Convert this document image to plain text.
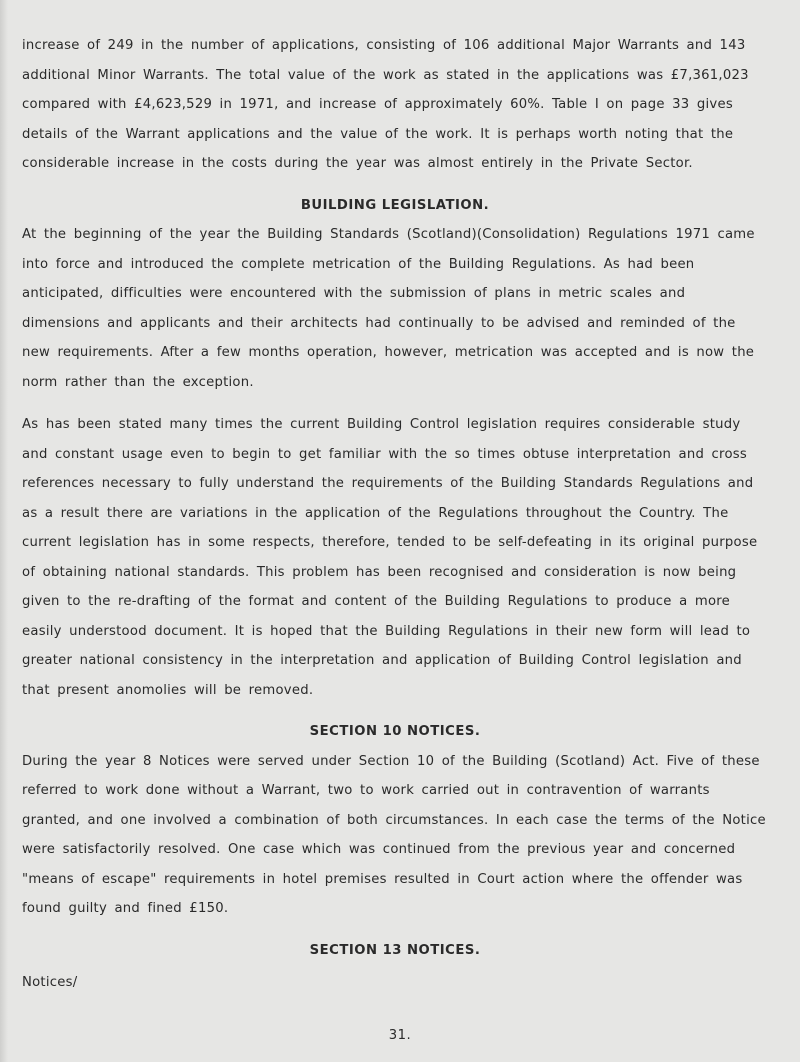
increase of 249 in the number of applications, consisting of 106 additional Major Warrants and 143 additional Minor Warrants. The total value of the work as stated in the applications was £7,361,023 compared with £4,623,529 in 1971, and increase of approximately 60%. Table I on page 33 gives details of the Warrant applications and the value of the work. It is perhaps worth noting that the considerable increase in the costs during the year was almost entirely in the Private Sector.

BUILDING LEGISLATION.

At the beginning of the year the Building Standards (Scotland)(Consolidation) Regulations 1971 came into force and introduced the complete metrication of the Building Regulations. As had been anticipated, difficulties were encountered with the submission of plans in metric scales and dimensions and applicants and their architects had continually to be advised and reminded of the new requirements. After a few months operation, however, metrication was accepted and is now the norm rather than the exception.

As has been stated many times the current Building Control legislation requires considerable study and constant usage even to begin to get familiar with the so times obtuse interpretation and cross references necessary to fully understand the requirements of the Building Standards Regulations and as a result there are variations in the application of the Regulations throughout the Country. The current legislation has in some respects, therefore, tended to be self-defeating in its original purpose of obtaining national standards. This problem has been recognised and consideration is now being given to the re-drafting of the format and content of the Building Regulations to produce a more easily understood document. It is hoped that the Building Regulations in their new form will lead to greater national consistency in the interpretation and application of Building Control legislation and that present anomolies will be removed.

SECTION 10 NOTICES.

During the year 8 Notices were served under Section 10 of the Building (Scotland) Act. Five of these referred to work done without a Warrant, two to work carried out in contravention of warrants granted, and one involved a combination of both circumstances. In each case the terms of the Notice were satisfactorily resolved. One case which was continued from the previous year and concerned "means of escape" requirements in hotel premises resulted in Court action where the offender was found guilty and fined £150.

SECTION 13 NOTICES.

Notices/

31.
